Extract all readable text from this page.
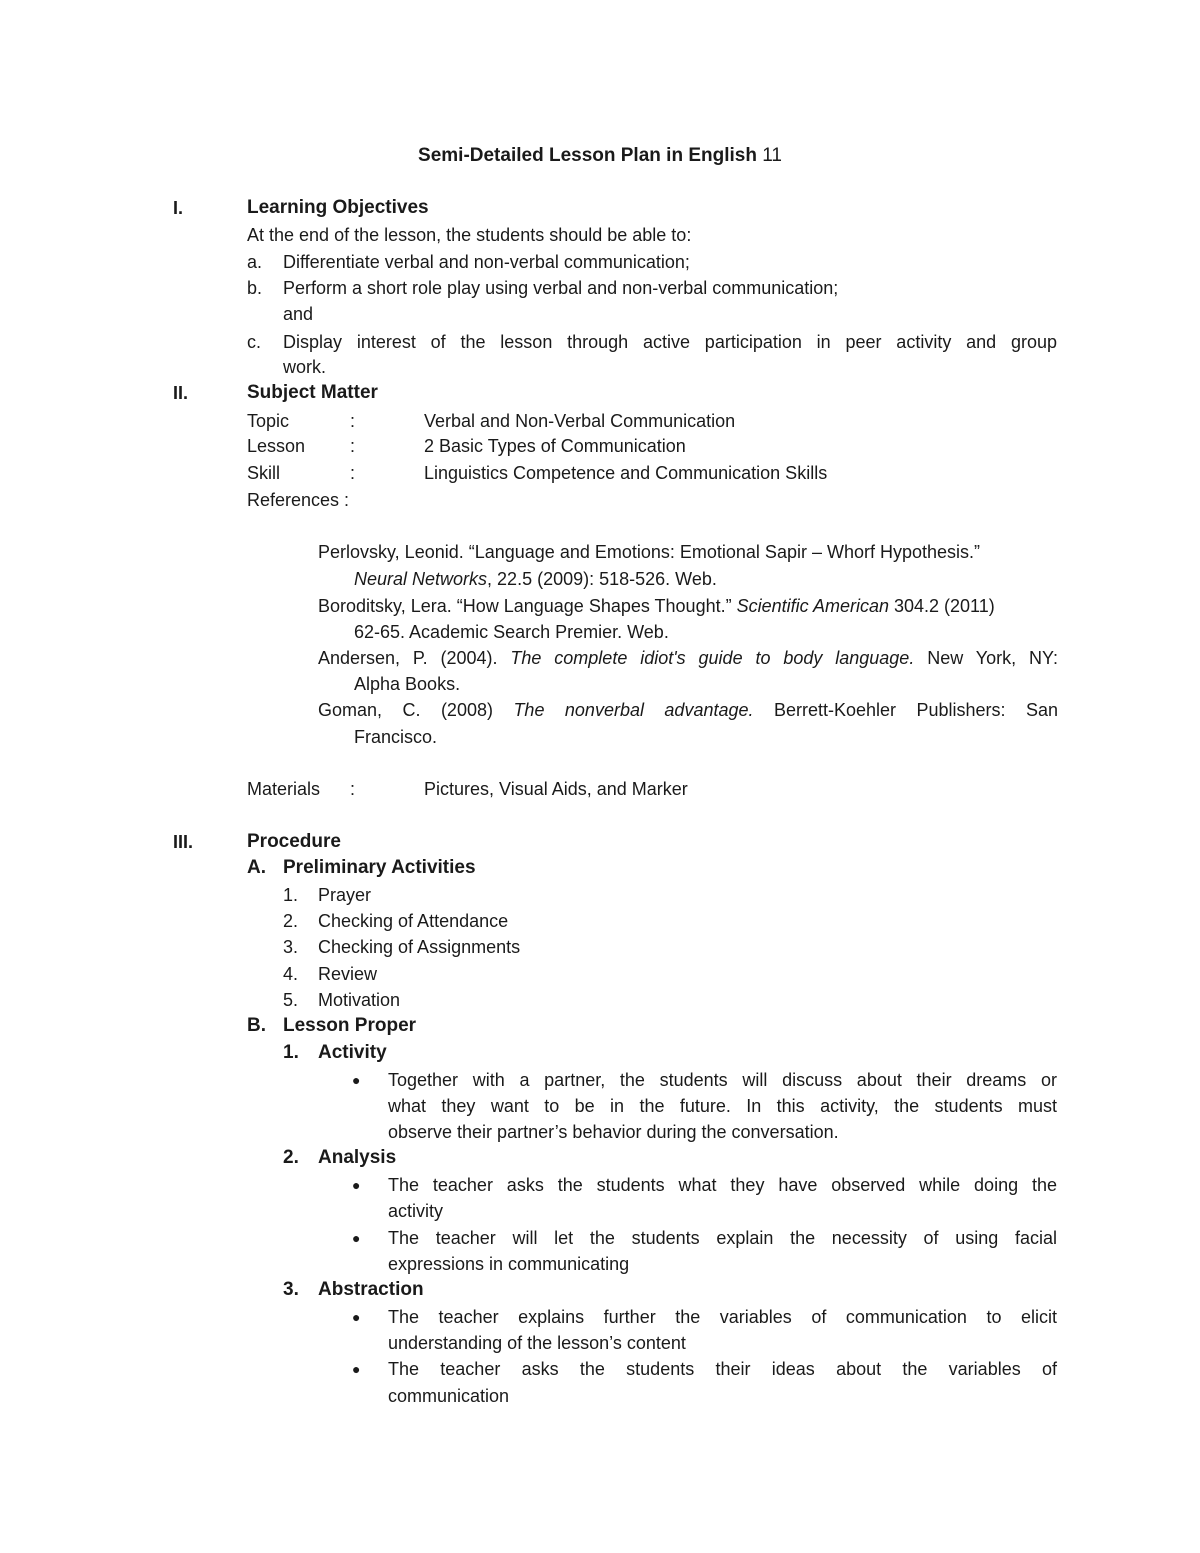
Semi-Detailed Lesson Plan in English 11
I.	Learning Objectives
At the end of the lesson, the students should be able to:
a. Differentiate verbal and non-verbal communication;
b. Perform a short role play using verbal and non-verbal communication;
and
c. Display interest of the lesson through active participation in peer activity and group
work.
II.	Subject Matter
Topic	:	Verbal and Non-Verbal Communication
Lesson :	2 Basic Types of Communication
Skill	:	Linguistics Competence and Communication Skills
References :
Perlovsky, Leonid. “Language and Emotions: Emotional Sapir – Whorf Hypothesis.”
Neural Networks, 22.5 (2009): 518-526. Web.
Boroditsky, Lera. “How Language Shapes Thought.” Scientific American 304.2 (2011)
62-65. Academic Search Premier. Web.
Andersen, P. (2004). The complete idiot's guide to body language. New York, NY:
Alpha Books.
Goman, C. (2008) The nonverbal advantage. Berrett-Koehler Publishers: San
Francisco.
Materials :	Pictures, Visual Aids, and Marker
III.	Procedure
A. Preliminary Activities
1. Prayer
2. Checking of Attendance
3. Checking of Assignments
4. Review
5. Motivation
B. Lesson Proper
1. Activity
● Together with a partner, the students will discuss about their dreams or
what they want to be in the future. In this activity, the students must
observe their partner’s behavior during the conversation.
2. Analysis
● The teacher asks the students what they have observed while doing the
activity
● The teacher will let the students explain the necessity of using facial
expressions in communicating
3. Abstraction
● The teacher explains further the variables of communication to elicit
understanding of the lesson’s content
● The teacher asks the students their ideas about the variables of
communication
